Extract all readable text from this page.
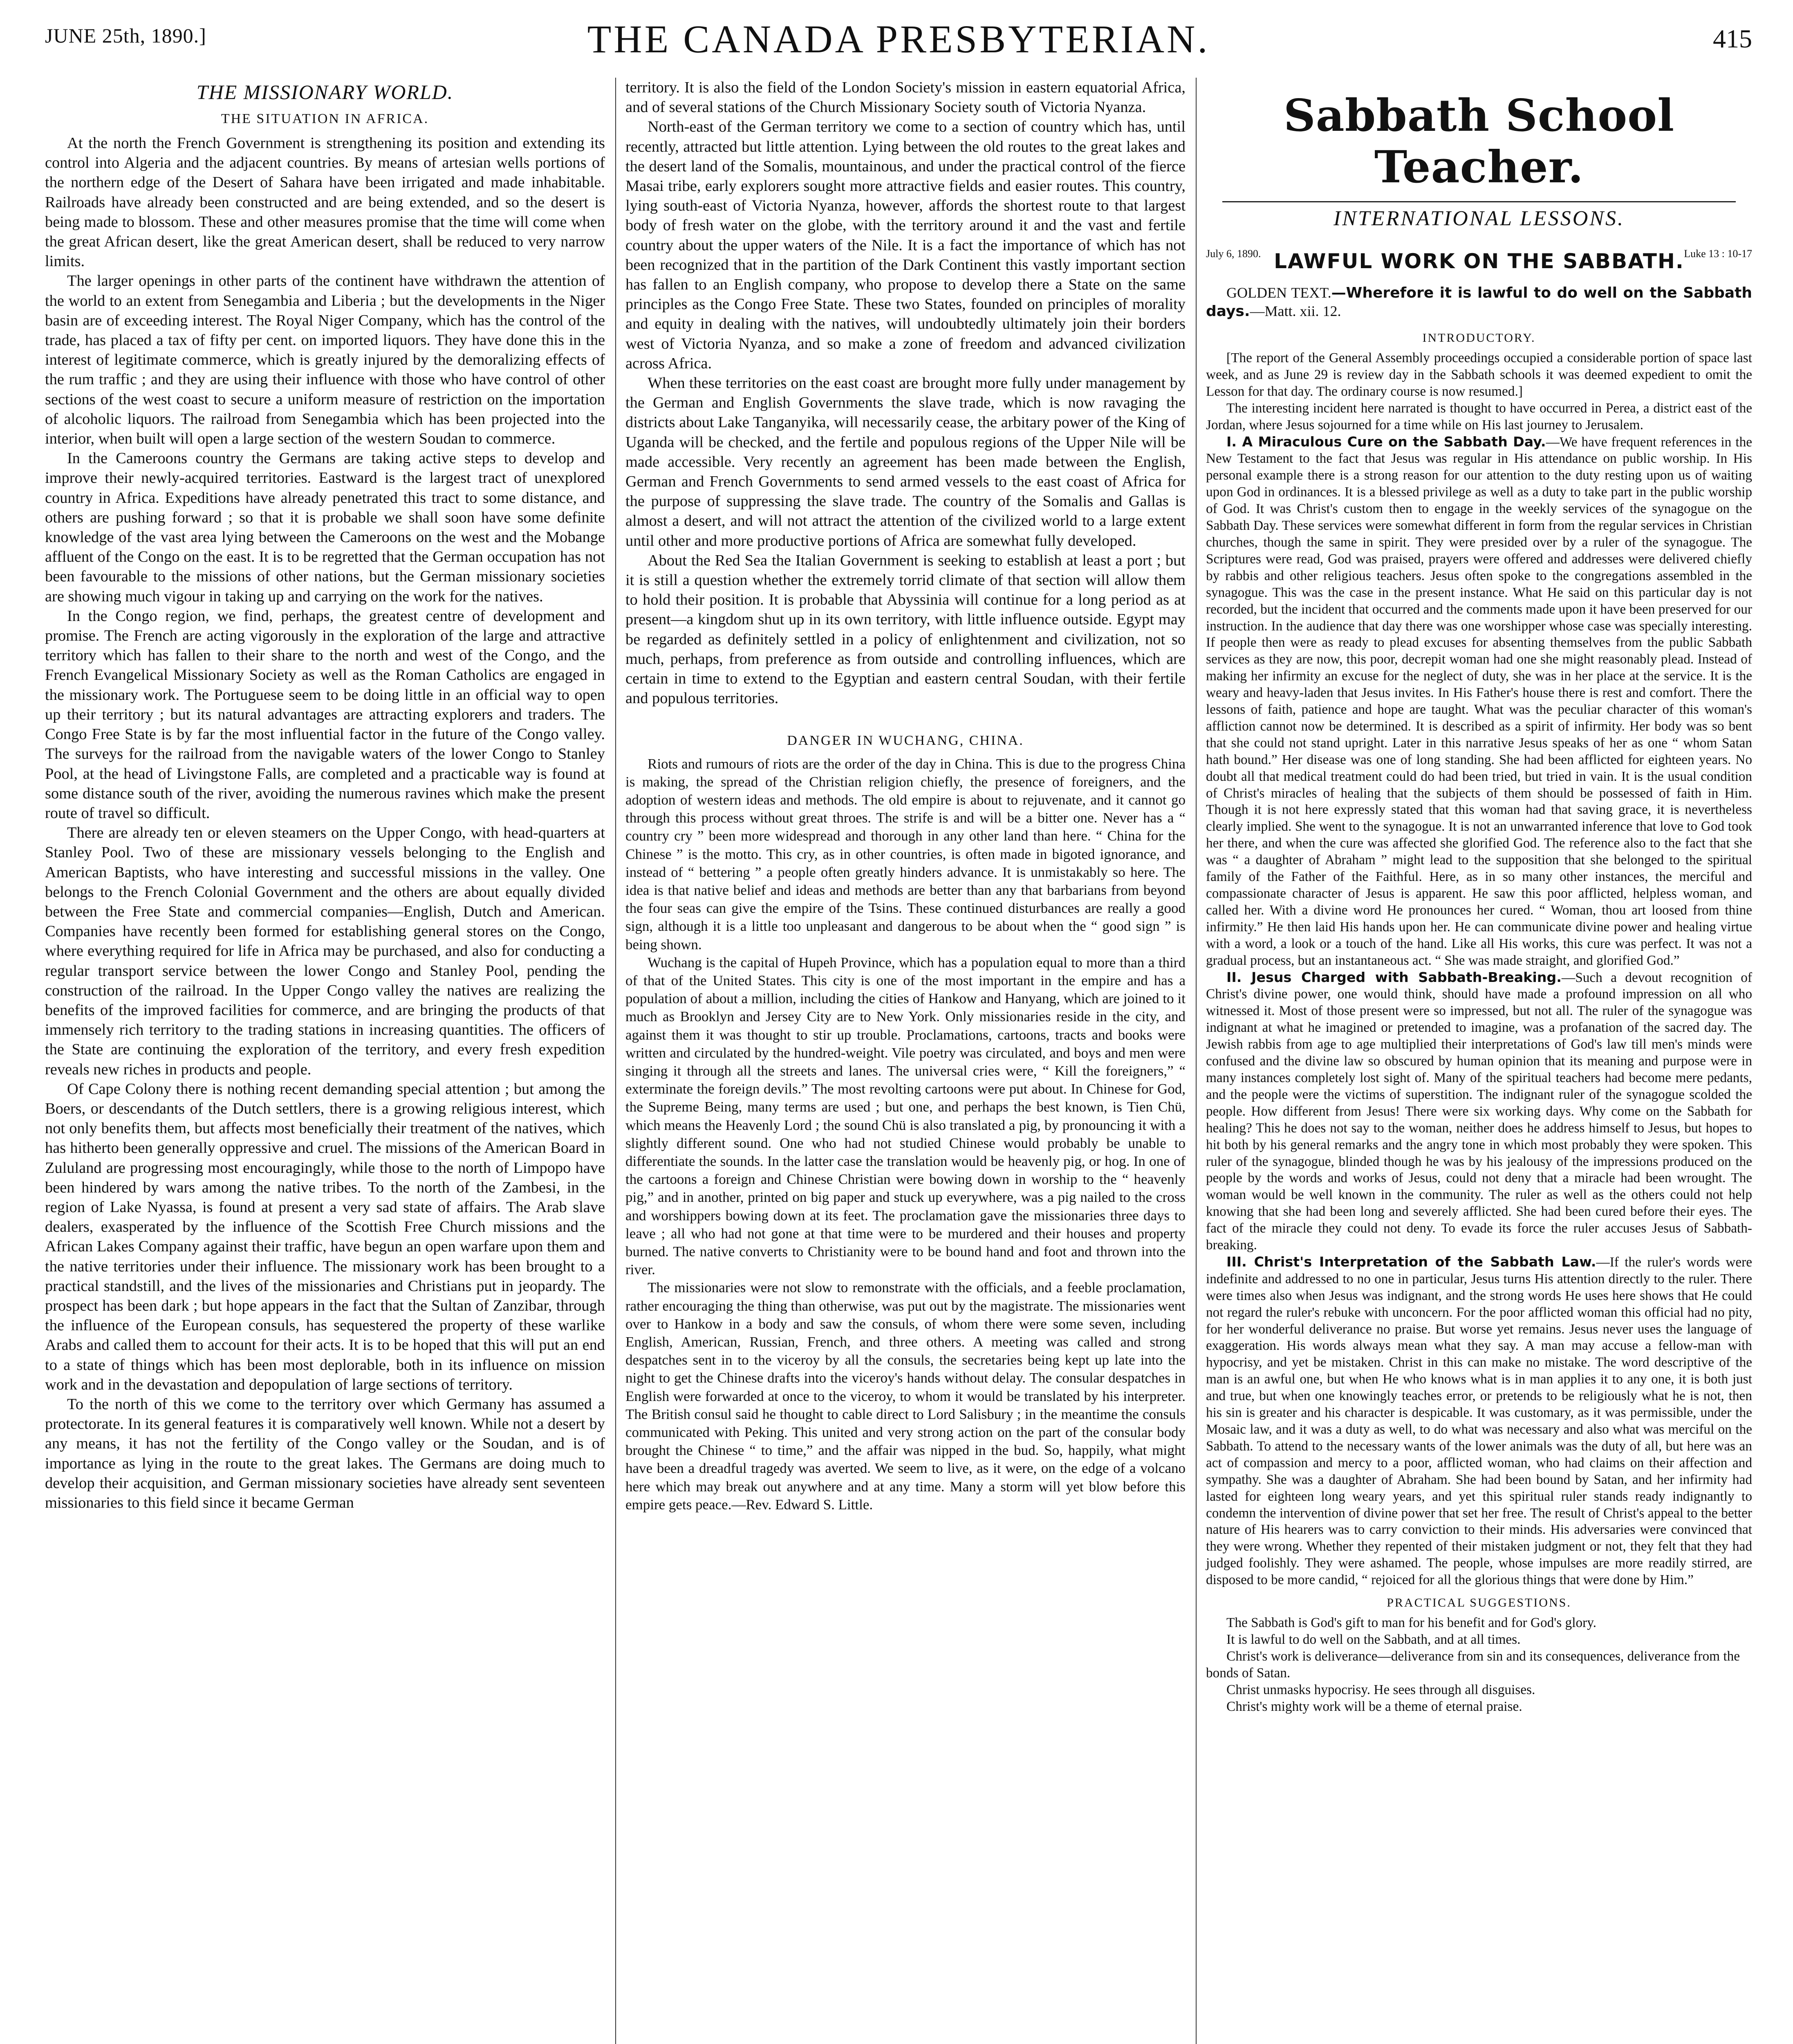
JUNE 25th, 1890.]	THE CANADA PRESBYTERIAN.	415
THE MISSIONARY WORLD.
THE SITUATION IN AFRICA.

At the north the French Government is strengthening its position and extending its control into Algeria and the adjacent countries. By means of artesian wells portions of the northern edge of the Desert of Sahara have been irrigated and made inhabitable. Railroads have already been constructed and are being extended, and so the desert is being made to blossom. These and other measures promise that the time will come when the great African desert, like the great American desert, shall be reduced to very narrow limits.

The larger openings in other parts of the continent have withdrawn the attention of the world to an extent from Senegambia and Liberia ; but the developments in the Niger basin are of exceeding interest. The Royal Niger Company, which has the control of the trade, has placed a tax of fifty per cent. on imported liquors. They have done this in the interest of legitimate commerce, which is greatly injured by the demoralizing effects of the rum traffic ; and they are using their influence with those who have control of other sections of the west coast to secure a uniform measure of restriction on the importation of alcoholic liquors. The railroad from Senegambia which has been projected into the interior, when built will open a large section of the western Soudan to commerce.

In the Cameroons country the Germans are taking active steps to develop and improve their newly-acquired territories. Eastward is the largest tract of unexplored country in Africa. Expeditions have already penetrated this tract to some distance, and others are pushing forward ; so that it is probable we shall soon have some definite knowledge of the vast area lying between the Cameroons on the west and the Mobange affluent of the Congo on the east. It is to be regretted that the German occupation has not been favourable to the missions of other nations, but the German missionary societies are showing much vigour in taking up and carrying on the work for the natives.

In the Congo region, we find, perhaps, the greatest centre of development and promise. The French are acting vigorously in the exploration of the large and attractive territory which has fallen to their share to the north and west of the Congo, and the French Evangelical Missionary Society as well as the Roman Catholics are engaged in the missionary work. The Portuguese seem to be doing little in an official way to open up their territory ; but its natural advantages are attracting explorers and traders. The Congo Free State is by far the most influential factor in the future of the Congo valley. The surveys for the railroad from the navigable waters of the lower Congo to Stanley Pool, at the head of Livingstone Falls, are completed and a practicable way is found at some distance south of the river, avoiding the numerous ravines which make the present route of travel so difficult.

There are already ten or eleven steamers on the Upper Congo, with head-quarters at Stanley Pool. Two of these are missionary vessels belonging to the English and American Baptists, who have interesting and successful missions in the valley. One belongs to the French Colonial Government and the others are about equally divided between the Free State and commercial companies—English, Dutch and American. Companies have recently been formed for establishing general stores on the Congo, where everything required for life in Africa may be purchased, and also for conducting a regular transport service between the lower Congo and Stanley Pool, pending the construction of the railroad. In the Upper Congo valley the natives are realizing the benefits of the improved facilities for commerce, and are bringing the products of that immensely rich territory to the trading stations in increasing quantities. The officers of the State are continuing the exploration of the territory, and every fresh expedition reveals new riches in products and people.

Of Cape Colony there is nothing recent demanding special attention ; but among the Boers, or descendants of the Dutch settlers, there is a growing religious interest, which not only benefits them, but affects most beneficially their treatment of the natives, which has hitherto been generally oppressive and cruel. The missions of the American Board in Zululand are progressing most encouragingly, while those to the north of Limpopo have been hindered by wars among the native tribes. To the north of the Zambesi, in the region of Lake Nyassa, is found at present a very sad state of affairs. The Arab slave dealers, exasperated by the influence of the Scottish Free Church missions and the African Lakes Company against their traffic, have begun an open warfare upon them and the native territories under their influence. The missionary work has been brought to a practical standstill, and the lives of the missionaries and Christians put in jeopardy. The prospect has been dark ; but hope appears in the fact that the Sultan of Zanzibar, through the influence of the European consuls, has sequestered the property of these warlike Arabs and called them to account for their acts. It is to be hoped that this will put an end to a state of things which has been most deplorable, both in its influence on mission work and in the devastation and depopulation of large sections of territory.

To the north of this we come to the territory over which Germany has assumed a protectorate. In its general features it is comparatively well known. While not a desert by any means, it has not the fertility of the Congo valley or the Soudan, and is of importance as lying in the route to the great lakes. The Germans are doing much to develop their acquisition, and German missionary societies have already sent seventeen missionaries to this field since it became German

territory. It is also the field of the London Society's mission in eastern equatorial Africa, and of several stations of the Church Missionary Society south of Victoria Nyanza.

North-east of the German territory we come to a section of country which has, until recently, attracted but little attention. Lying between the old routes to the great lakes and the desert land of the Somalis, mountainous, and under the practical control of the fierce Masai tribe, early explorers sought more attractive fields and easier routes. This country, lying south-east of Victoria Nyanza, however, affords the shortest route to that largest body of fresh water on the globe, with the territory around it and the vast and fertile country about the upper waters of the Nile. It is a fact the importance of which has not been recognized that in the partition of the Dark Continent this vastly important section has fallen to an English company, who propose to develop there a State on the same principles as the Congo Free State. These two States, founded on principles of morality and equity in dealing with the natives, will undoubtedly ultimately join their borders west of Victoria Nyanza, and so make a zone of freedom and advanced civilization across Africa.

When these territories on the east coast are brought more fully under management by the German and English Governments the slave trade, which is now ravaging the districts about Lake Tanganyika, will necessarily cease, the arbitary power of the King of Uganda will be checked, and the fertile and populous regions of the Upper Nile will be made accessible. Very recently an agreement has been made between the English, German and French Governments to send armed vessels to the east coast of Africa for the purpose of suppressing the slave trade. The country of the Somalis and Gallas is almost a desert, and will not attract the attention of the civilized world to a large extent until other and more productive portions of Africa are somewhat fully developed.

About the Red Sea the Italian Government is seeking to establish at least a port ; but it is still a question whether the extremely torrid climate of that section will allow them to hold their position. It is probable that Abyssinia will continue for a long period as at present—a kingdom shut up in its own territory, with little influence outside. Egypt may be regarded as definitely settled in a policy of enlightenment and civilization, not so much, perhaps, from preference as from outside and controlling influences, which are certain in time to extend to the Egyptian and eastern central Soudan, with their fertile and populous territories.

DANGER IN WUCHANG, CHINA.

Riots and rumours of riots are the order of the day in China. This is due to the progress China is making, the spread of the Christian religion chiefly, the presence of foreigners, and the adoption of western ideas and methods. The old empire is about to rejuvenate, and it cannot go through this process without great throes. The strife is and will be a bitter one. Never has a “ country cry ” been more widespread and thorough in any other land than here. “ China for the Chinese ” is the motto. This cry, as in other countries, is often made in bigoted ignorance, and instead of “ bettering ” a people often greatly hinders advance. It is unmistakably so here. The idea is that native belief and ideas and methods are better than any that barbarians from beyond the four seas can give the empire of the Tsins. These continued disturbances are really a good sign, although it is a little too unpleasant and dangerous to be about when the “ good sign ” is being shown.

Wuchang is the capital of Hupeh Province, which has a population equal to more than a third of that of the United States. This city is one of the most important in the empire and has a population of about a million, including the cities of Hankow and Hanyang, which are joined to it much as Brooklyn and Jersey City are to New York. Only missionaries reside in the city, and against them it was thought to stir up trouble. Proclamations, cartoons, tracts and books were written and circulated by the hundred-weight. Vile poetry was circulated, and boys and men were singing it through all the streets and lanes. The universal cries were, “ Kill the foreigners,” “ exterminate the foreign devils.” The most revolting cartoons were put about. In Chinese for God, the Supreme Being, many terms are used ; but one, and perhaps the best known, is Tien Chü, which means the Heavenly Lord ; the sound Chü is also translated a pig, by pronouncing it with a slightly different sound. One who had not studied Chinese would probably be unable to differentiate the sounds. In the latter case the translation would be heavenly pig, or hog. In one of the cartoons a foreign and Chinese Christian were bowing down in worship to the “ heavenly pig,” and in another, printed on big paper and stuck up everywhere, was a pig nailed to the cross and worshippers bowing down at its feet. The proclamation gave the missionaries three days to leave ; all who had not gone at that time were to be murdered and their houses and property burned. The native converts to Christianity were to be bound hand and foot and thrown into the river.

The missionaries were not slow to remonstrate with the officials, and a feeble proclamation, rather encouraging the thing than otherwise, was put out by the magistrate. The missionaries went over to Hankow in a body and saw the consuls, of whom there were some seven, including English, American, Russian, French, and three others. A meeting was called and strong despatches sent in to the viceroy by all the consuls, the secretaries being kept up late into the night to get the Chinese drafts into the viceroy's hands without delay. The consular despatches in English were forwarded at once to the viceroy, to whom it would be translated by his interpreter. The British consul said he thought to cable direct to Lord Salisbury ; in the meantime the consuls communicated with Peking. This united and very strong action on the part of the consular body brought the Chinese “ to time,” and the affair was nipped in the bud. So, happily, what might have been a dreadful tragedy was averted. We seem to live, as it were, on the edge of a volcano here which may break out anywhere and at any time. Many a storm will yet blow before this empire gets peace.—Rev. Edward S. Little.

Sabbath School Teacher.
INTERNATIONAL LESSONS.
July 6, 1890. LAWFUL WORK ON THE SABBATH. Luke 13 : 10-17

GOLDEN TEXT.—Wherefore it is lawful to do well on the Sabbath days.—Matt. xii. 12.

INTRODUCTORY.

[The report of the General Assembly proceedings occupied a considerable portion of space last week, and as June 29 is review day in the Sabbath schools it was deemed expedient to omit the Lesson for that day. The ordinary course is now resumed.]

The interesting incident here narrated is thought to have occurred in Perea, a district east of the Jordan, where Jesus sojourned for a time while on His last journey to Jerusalem.

I. A Miraculous Cure on the Sabbath Day.—We have frequent references in the New Testament to the fact that Jesus was regular in His attendance on public worship. In His personal example there is a strong reason for our attention to the duty resting upon us of waiting upon God in ordinances. It is a blessed privilege as well as a duty to take part in the public worship of God. It was Christ's custom then to engage in the weekly services of the synagogue on the Sabbath Day. These services were somewhat different in form from the regular services in Christian churches, though the same in spirit. They were presided over by a ruler of the synagogue. The Scriptures were read, God was praised, prayers were offered and addresses were delivered chiefly by rabbis and other religious teachers. Jesus often spoke to the congregations assembled in the synagogue. This was the case in the present instance. What He said on this particular day is not recorded, but the incident that occurred and the comments made upon it have been preserved for our instruction. In the audience that day there was one worshipper whose case was specially interesting. If people then were as ready to plead excuses for absenting themselves from the public Sabbath services as they are now, this poor, decrepit woman had one she might reasonably plead. Instead of making her infirmity an excuse for the neglect of duty, she was in her place at the service. It is the weary and heavy-laden that Jesus invites. In His Father's house there is rest and comfort. There the lessons of faith, patience and hope are taught. What was the peculiar character of this woman's affliction cannot now be determined. It is described as a spirit of infirmity. Her body was so bent that she could not stand upright. Later in this narrative Jesus speaks of her as one “ whom Satan hath bound.” Her disease was one of long standing. She had been afflicted for eighteen years. No doubt all that medical treatment could do had been tried, but tried in vain. It is the usual condition of Christ's miracles of healing that the subjects of them should be possessed of faith in Him. Though it is not here expressly stated that this woman had that saving grace, it is nevertheless clearly implied. She went to the synagogue. It is not an unwarranted inference that love to God took her there, and when the cure was affected she glorified God. The reference also to the fact that she was “ a daughter of Abraham ” might lead to the supposition that she belonged to the spiritual family of the Father of the Faithful. Here, as in so many other instances, the merciful and compassionate character of Jesus is apparent. He saw this poor afflicted, helpless woman, and called her. With a divine word He pronounces her cured. “ Woman, thou art loosed from thine infirmity.” He then laid His hands upon her. He can communicate divine power and healing virtue with a word, a look or a touch of the hand. Like all His works, this cure was perfect. It was not a gradual process, but an instantaneous act. “ She was made straight, and glorified God.”

II. Jesus Charged with Sabbath-Breaking.—Such a devout recognition of Christ's divine power, one would think, should have made a profound impression on all who witnessed it. Most of those present were so impressed, but not all. The ruler of the synagogue was indignant at what he imagined or pretended to imagine, was a profanation of the sacred day. The Jewish rabbis from age to age multiplied their interpretations of God's law till men's minds were confused and the divine law so obscured by human opinion that its meaning and purpose were in many instances completely lost sight of. Many of the spiritual teachers had become mere pedants, and the people were the victims of superstition. The indignant ruler of the synagogue scolded the people. How different from Jesus! There were six working days. Why come on the Sabbath for healing? This he does not say to the woman, neither does he address himself to Jesus, but hopes to hit both by his general remarks and the angry tone in which most probably they were spoken. This ruler of the synagogue, blinded though he was by his jealousy of the impressions produced on the people by the words and works of Jesus, could not deny that a miracle had been wrought. The woman would be well known in the community. The ruler as well as the others could not help knowing that she had been long and severely afflicted. She had been cured before their eyes. The fact of the miracle they could not deny. To evade its force the ruler accuses Jesus of Sabbath-breaking.

III. Christ's Interpretation of the Sabbath Law.—If the ruler's words were indefinite and addressed to no one in particular, Jesus turns His attention directly to the ruler. There were times also when Jesus was indignant, and the strong words He uses here shows that He could not regard the ruler's rebuke with unconcern. For the poor afflicted woman this official had no pity, for her wonderful deliverance no praise. But worse yet remains. Jesus never uses the language of exaggeration. His words always mean what they say. A man may accuse a fellow-man with hypocrisy, and yet be mistaken. Christ in this can make no mistake. The word descriptive of the man is an awful one, but when He who knows what is in man applies it to any one, it is both just and true, but when one knowingly teaches error, or pretends to be religiously what he is not, then his sin is greater and his character is despicable. It was customary, as it was permissible, under the Mosaic law, and it was a duty as well, to do what was necessary and also what was merciful on the Sabbath. To attend to the necessary wants of the lower animals was the duty of all, but here was an act of compassion and mercy to a poor, afflicted woman, who had claims on their affection and sympathy. She was a daughter of Abraham. She had been bound by Satan, and her infirmity had lasted for eighteen long weary years, and yet this spiritual ruler stands ready indignantly to condemn the intervention of divine power that set her free. The result of Christ's appeal to the better nature of His hearers was to carry conviction to their minds. His adversaries were convinced that they were wrong. Whether they repented of their mistaken judgment or not, they felt that they had judged foolishly. They were ashamed. The people, whose impulses are more readily stirred, are disposed to be more candid, “ rejoiced for all the glorious things that were done by Him.”

PRACTICAL SUGGESTIONS.

The Sabbath is God's gift to man for his benefit and for God's glory.

It is lawful to do well on the Sabbath, and at all times.

Christ's work is deliverance—deliverance from sin and its consequences, deliverance from the bonds of Satan.

Christ unmasks hypocrisy. He sees through all disguises.

Christ's mighty work will be a theme of eternal praise.
